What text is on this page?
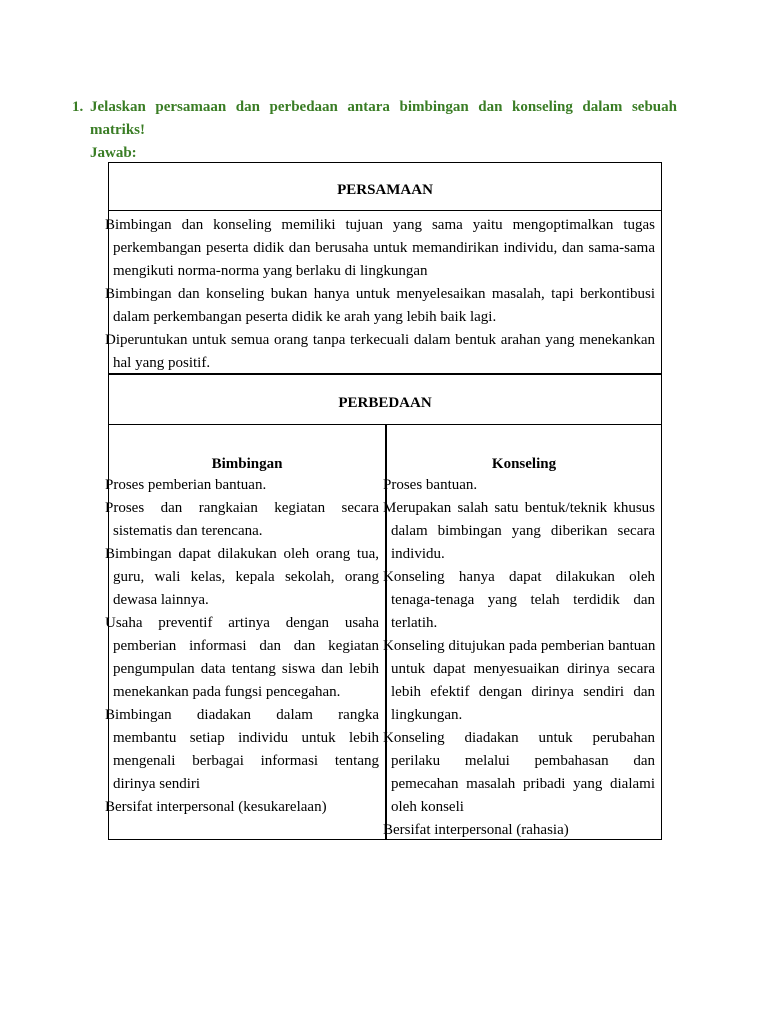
1. Jelaskan persamaan dan perbedaan antara bimbingan dan konseling dalam sebuah
matriks!
Jawab:
PERSAMAAN
Bimbingan dan konseling memiliki tujuan yang sama yaitu mengoptimalkan tugas
perkembangan peserta didik dan berusaha untuk memandirikan individu, dan sama-sama
mengikuti norma-norma yang berlaku di lingkungan
Bimbingan dan konseling bukan hanya untuk menyelesaikan masalah, tapi berkontibusi
dalam perkembangan peserta didik ke arah yang lebih baik lagi.
Diperuntukan untuk semua orang tanpa terkecuali dalam bentuk arahan yang menekankan
hal yang positif.
PERBEDAAN
Bimbingan
Proses pemberian bantuan.
Proses dan rangkaian kegiatan secara
sistematis dan terencana.
Bimbingan dapat dilakukan oleh orang tua,
guru, wali kelas, kepala sekolah, orang
dewasa lainnya.
Usaha preventif artinya dengan usaha
pemberian informasi dan dan kegiatan
pengumpulan data tentang siswa dan lebih
menekankan pada fungsi pencegahan.
Bimbingan diadakan dalam rangka
membantu setiap individu untuk lebih
mengenali berbagai informasi tentang
dirinya sendiri
Bersifat interpersonal (kesukarelaan)
Konseling
Proses bantuan.
Merupakan salah satu bentuk/teknik khusus
dalam bimbingan yang diberikan secara
individu.
Konseling hanya dapat dilakukan oleh
tenaga-tenaga yang telah terdidik dan
terlatih.
Konseling ditujukan pada pemberian bantuan
untuk dapat menyesuaikan dirinya secara
lebih efektif dengan dirinya sendiri dan
lingkungan.
Konseling diadakan untuk perubahan
perilaku melalui pembahasan dan
pemecahan masalah pribadi yang dialami
oleh konseli
Bersifat interpersonal (rahasia)
